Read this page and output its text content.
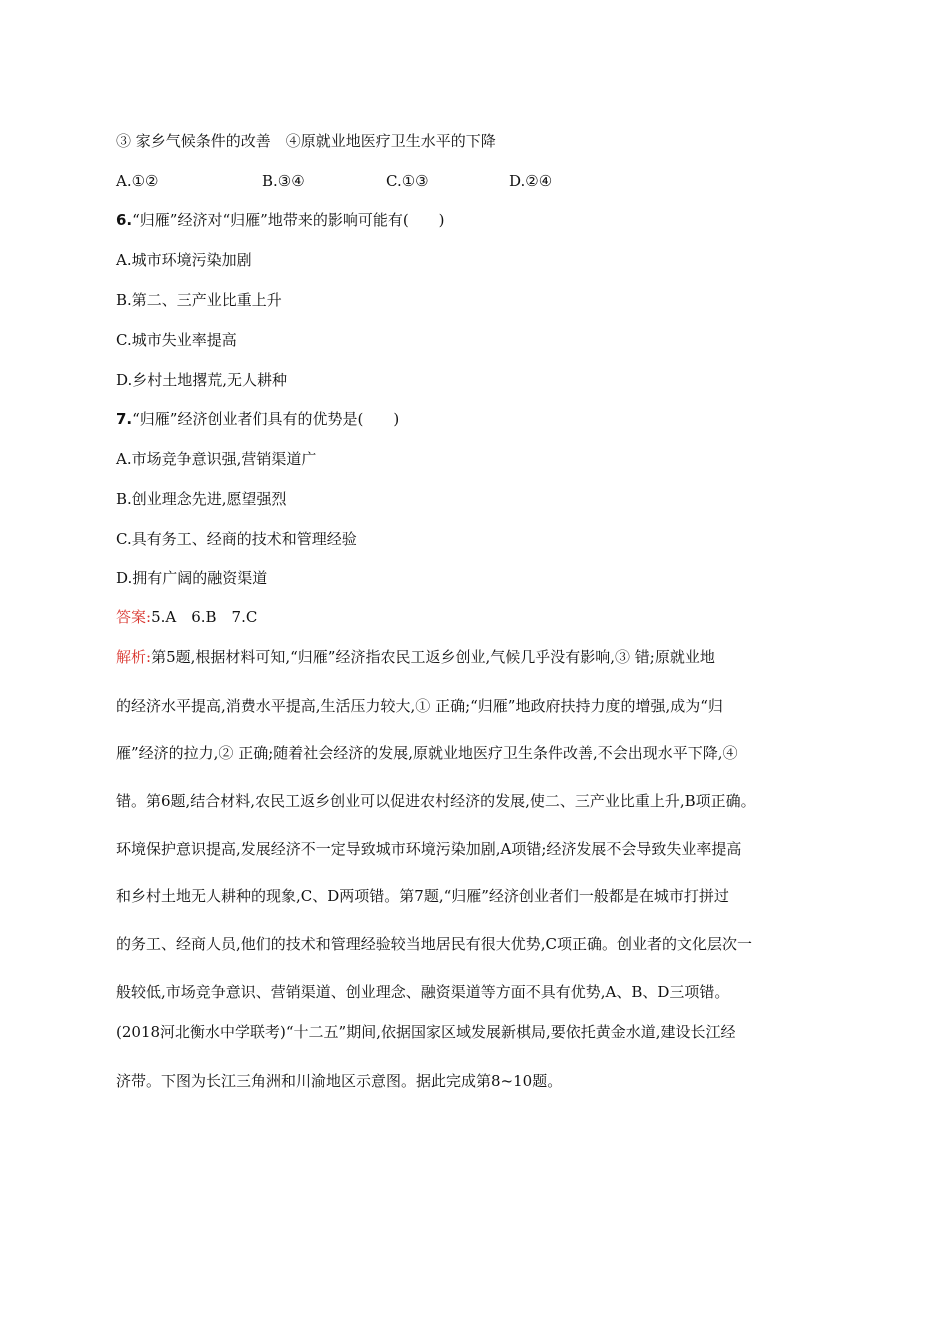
③ 家乡气候条件的改善　④原就业地医疗卫生水平的下降
A.①②	B.③④	C.①③	D.②④
6.“归雁”经济对“归雁”地带来的影响可能有(　　)
A.城市环境污染加剧
B.第二、三产业比重上升
C.城市失业率提高
D.乡村土地撂荒,无人耕种
7.“归雁”经济创业者们具有的优势是(　　)
A.市场竞争意识强,营销渠道广
B.创业理念先进,愿望强烈
C.具有务工、经商的技术和管理经验
D.拥有广阔的融资渠道
答案:5.A　6.B　7.C
解析:第5题,根据材料可知,“归雁”经济指农民工返乡创业,气候几乎没有影响,③ 错;原就业地
的经济水平提高,消费水平提高,生活压力较大,① 正确;“归雁”地政府扶持力度的增强,成为“归
雁”经济的拉力,② 正确;随着社会经济的发展,原就业地医疗卫生条件改善,不会出现水平下降,④
错。第6题,结合材料,农民工返乡创业可以促进农村经济的发展,使二、三产业比重上升,B项正确。
环境保护意识提高,发展经济不一定导致城市环境污染加剧,A项错;经济发展不会导致失业率提高
和乡村土地无人耕种的现象,C、D两项错。第7题,“归雁”经济创业者们一般都是在城市打拼过
的务工、经商人员,他们的技术和管理经验较当地居民有很大优势,C项正确。创业者的文化层次一
般较低,市场竞争意识、营销渠道、创业理念、融资渠道等方面不具有优势,A、B、D三项错。
(2018河北衡水中学联考)“十二五”期间,依据国家区域发展新棋局,要依托黄金水道,建设长江经
济带。下图为长江三角洲和川渝地区示意图。据此完成第8~10题。
